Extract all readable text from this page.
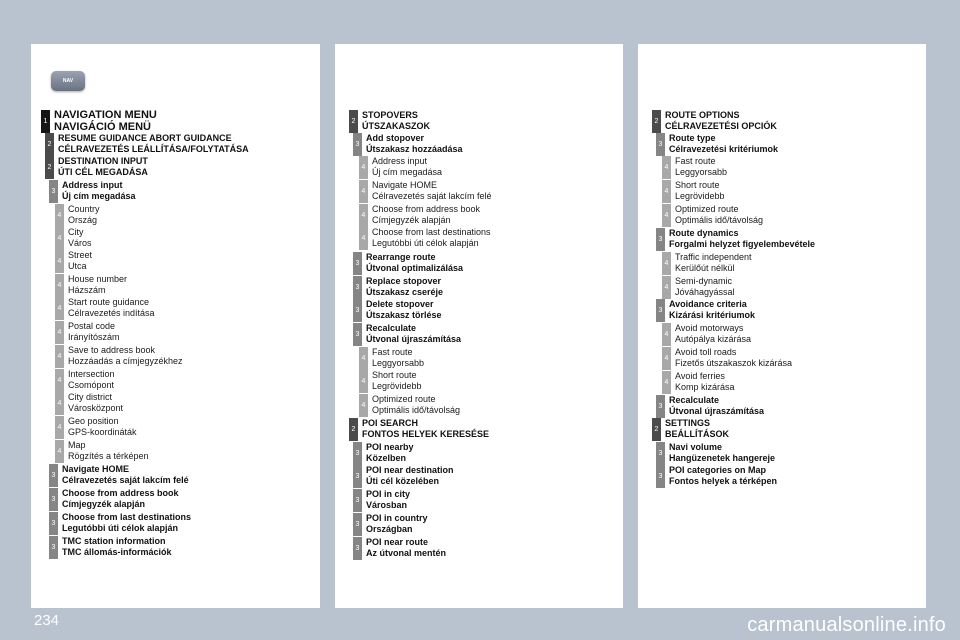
NAV
1
NAVIGATION MENU
NAVIGÁCIÓ MENÜ
2
RESUME GUIDANCE ABORT GUIDANCE
CÉLRAVEZETÉS LEÁLLÍTÁSA/FOLYTATÁSA
2
DESTINATION INPUT
ÚTI CÉL MEGADÁSA
3
Address input
Új cím megadása
4
Country
Ország
4
City
Város
4
Street
Utca
4
House number
Házszám
4
Start route guidance
Célravezetés indítása
4
Postal code
Irányítószám
4
Save to address book
Hozzáadás a címjegyzékhez
4
Intersection
Csomópont
4
City district
Városközpont
4
Geo position
GPS-koordináták
4
Map
Rögzítés a térképen
3
Navigate HOME
Célravezetés saját lakcím felé
3
Choose from address book
Címjegyzék alapján
3
Choose from last destinations
Legutóbbi úti célok alapján
3
TMC station information
TMC állomás-információk
2
STOPOVERS
ÚTSZAKASZOK
3
Add stopover
Útszakasz hozzáadása
4
Address input
Új cím megadása
4
Navigate HOME
Célravezetés saját lakcím felé
4
Choose from address book
Címjegyzék alapján
4
Choose from last destinations
Legutóbbi úti célok alapján
3
Rearrange route
Útvonal optimalizálása
3
Replace stopover
Útszakasz cseréje
3
Delete stopover
Útszakasz törlése
3
Recalculate
Útvonal újraszámítása
4
Fast route
Leggyorsabb
4
Short route
Legrövidebb
4
Optimized route
Optimális idő/távolság
2
POI SEARCH
FONTOS HELYEK KERESÉSE
3
POI nearby
Közelben
3
POI near destination
Úti cél közelében
3
POI in city
Városban
3
POI in country
Országban
3
POI near route
Az útvonal mentén
2
ROUTE OPTIONS
CÉLRAVEZETÉSI OPCIÓK
3
Route type
Célravezetési kritériumok
4
Fast route
Leggyorsabb
4
Short route
Legrövidebb
4
Optimized route
Optimális idő/távolság
3
Route dynamics
Forgalmi helyzet figyelembevétele
4
Traffic independent
Kerülőút nélkül
4
Semi-dynamic
Jóváhagyással
3
Avoidance criteria
Kizárási kritériumok
4
Avoid motorways
Autópálya kizárása
4
Avoid toll roads
Fizetős útszakaszok kizárása
4
Avoid ferries
Komp kizárása
3
Recalculate
Útvonal újraszámítása
2
SETTINGS
BEÁLLÍTÁSOK
3
Navi volume
Hangüzenetek hangereje
3
POI categories on Map
Fontos helyek a térképen
234	carmanualsonline.info
